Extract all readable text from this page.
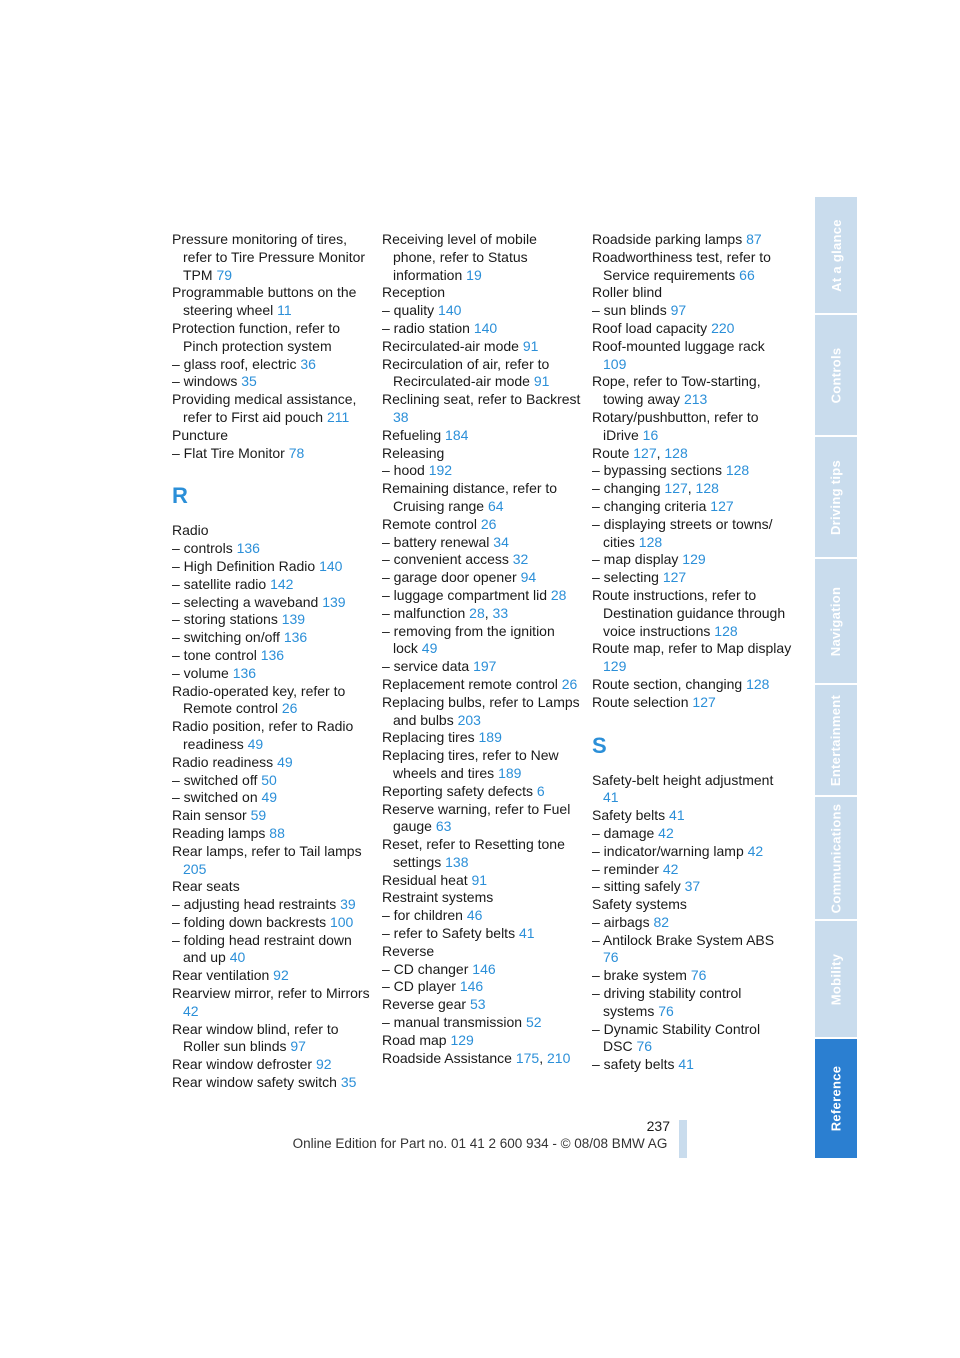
Pressure monitoring of tires, refer to Tire Pressure Monitor TPM 79

Programmable buttons on the steering wheel 11

Protection function, refer to Pinch protection system

– glass roof, electric 36

– windows 35

Providing medical assistance, refer to First aid pouch 211

Puncture

– Flat Tire Monitor 78

R

Radio

– controls 136

– High Definition Radio 140

– satellite radio 142

– selecting a waveband 139

– storing stations 139

– switching on/off 136

– tone control 136

– volume 136

Radio-operated key, refer to Remote control 26

Radio position, refer to Radio readiness 49

Radio readiness 49

– switched off 50

– switched on 49

Rain sensor 59

Reading lamps 88

Rear lamps, refer to Tail lamps 205

Rear seats

– adjusting head restraints 39

– folding down backrests 100

– folding head restraint down and up 40

Rear ventilation 92

Rearview mirror, refer to Mirrors 42

Rear window blind, refer to Roller sun blinds 97

Rear window defroster 92

Rear window safety switch 35

Receiving level of mobile phone, refer to Status information 19

Reception

– quality 140

– radio station 140

Recirculated-air mode 91

Recirculation of air, refer to Recirculated-air mode 91

Reclining seat, refer to Backrest 38

Refueling 184

Releasing

– hood 192

Remaining distance, refer to Cruising range 64

Remote control 26

– battery renewal 34

– convenient access 32

– garage door opener 94

– luggage compartment lid 28

– malfunction 28, 33

– removing from the ignition lock 49

– service data 197

Replacement remote control 26

Replacing bulbs, refer to Lamps and bulbs 203

Replacing tires 189

Replacing tires, refer to New wheels and tires 189

Reporting safety defects 6

Reserve warning, refer to Fuel gauge 63

Reset, refer to Resetting tone settings 138

Residual heat 91

Restraint systems

– for children 46

– refer to Safety belts 41

Reverse

– CD changer 146

– CD player 146

Reverse gear 53

– manual transmission 52

Road map 129

Roadside Assistance 175, 210

Roadside parking lamps 87

Roadworthiness test, refer to Service requirements 66

Roller blind

– sun blinds 97

Roof load capacity 220

Roof-mounted luggage rack 109

Rope, refer to Tow-starting, towing away 213

Rotary/pushbutton, refer to iDrive 16

Route 127, 128

– bypassing sections 128

– changing 127, 128

– changing criteria 127

– displaying streets or towns/ cities 128

– map display 129

– selecting 127

Route instructions, refer to Destination guidance through voice instructions 128

Route map, refer to Map display 129

Route section, changing 128

Route selection 127

S

Safety-belt height adjustment 41

Safety belts 41

– damage 42

– indicator/warning lamp 42

– reminder 42

– sitting safely 37

Safety systems

– airbags 82

– Antilock Brake System ABS 76

– brake system 76

– driving stability control systems 76

– Dynamic Stability Control DSC 76

– safety belts 41

At a glance
Controls
Driving tips
Navigation
Entertainment
Communications
Mobility
Reference
237
Online Edition for Part no. 01 41 2 600 934 - © 08/08 BMW AG
